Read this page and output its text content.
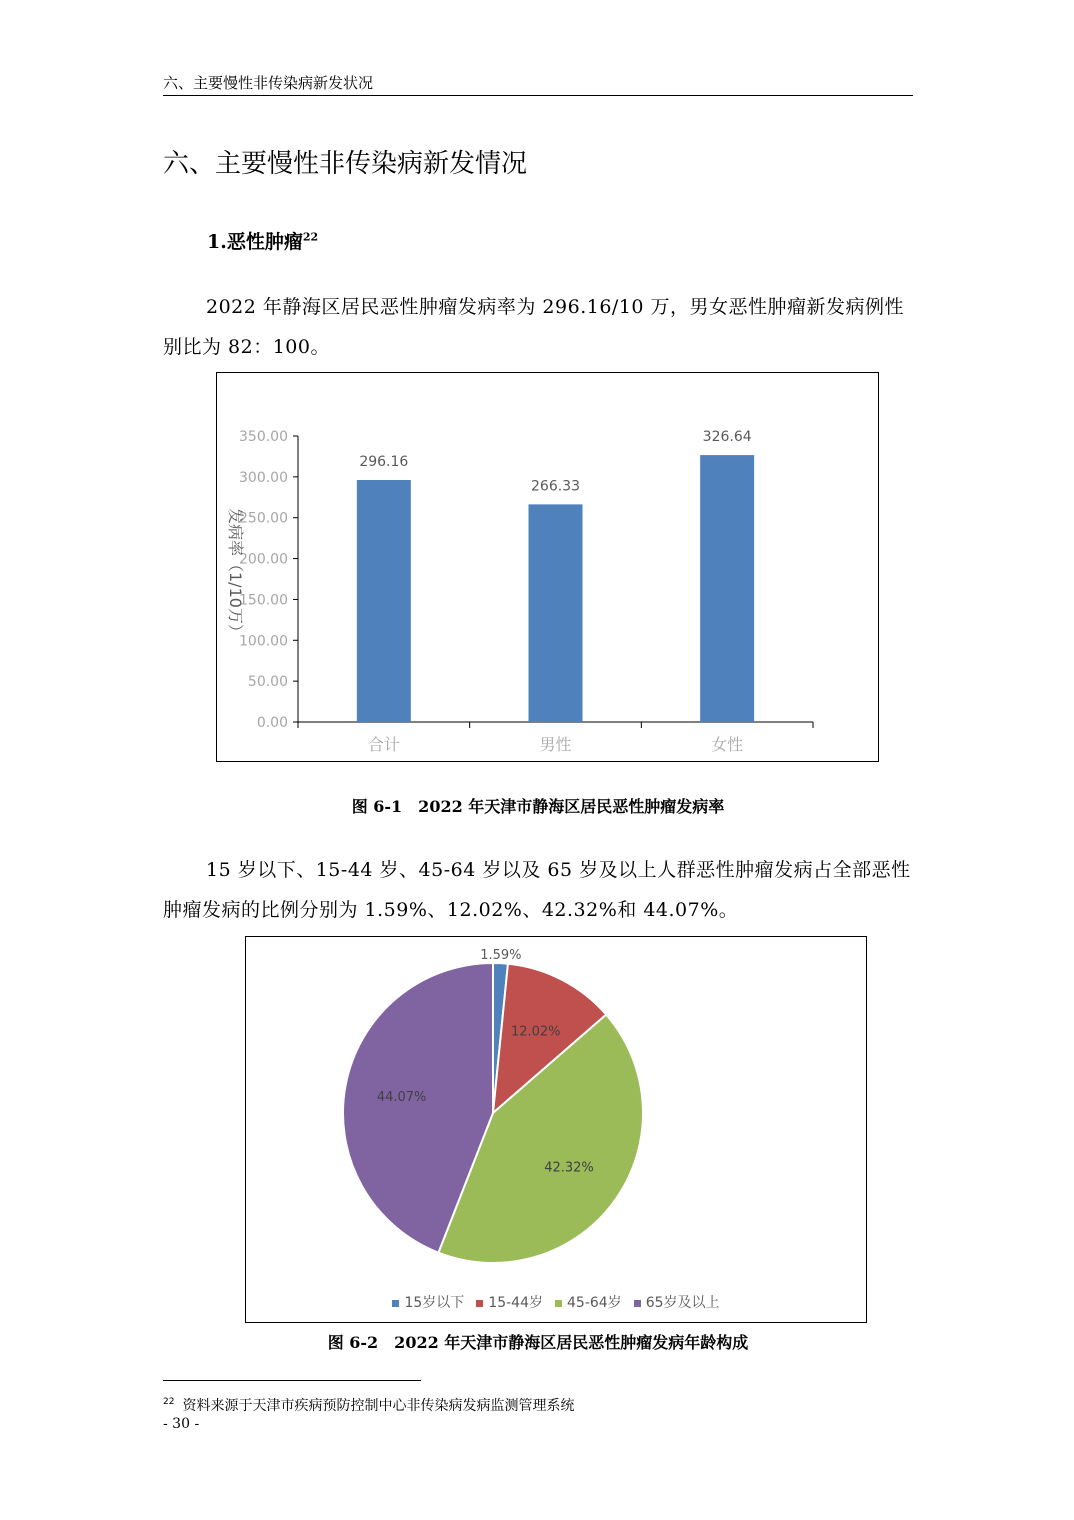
六、主要慢性非传染病新发状况
六、主要慢性非传染病新发情况
1.恶性肿瘤$^{22}$

2022 年静海区居民恶性肿瘤发病率为 296.16/10 万，男女恶性肿瘤新发病例性别比为 82：100。

0.00
50.00
100.00
150.00
200.00
250.00
300.00
350.00
296.16
合计
266.33
男性
326.64
女性
发病率（1/10万）
图 6-1　2022 年天津市静海区居民恶性肿瘤发病率

15 岁以下、15-44 岁、45-64 岁以及 65 岁及以上人群恶性肿瘤发病占全部恶性肿瘤发病的比例分别为 1.59%、12.02%、42.32%和 44.07%。

1.59%
12.02%
42.32%
44.07%
15岁以下 15-44岁 45-64岁 65岁及以上
图 6-2　2022 年天津市静海区居民恶性肿瘤发病年龄构成
$^{22}$ 资料来源于天津市疾病预防控制中心非传染病发病监测管理系统
- 30 -
